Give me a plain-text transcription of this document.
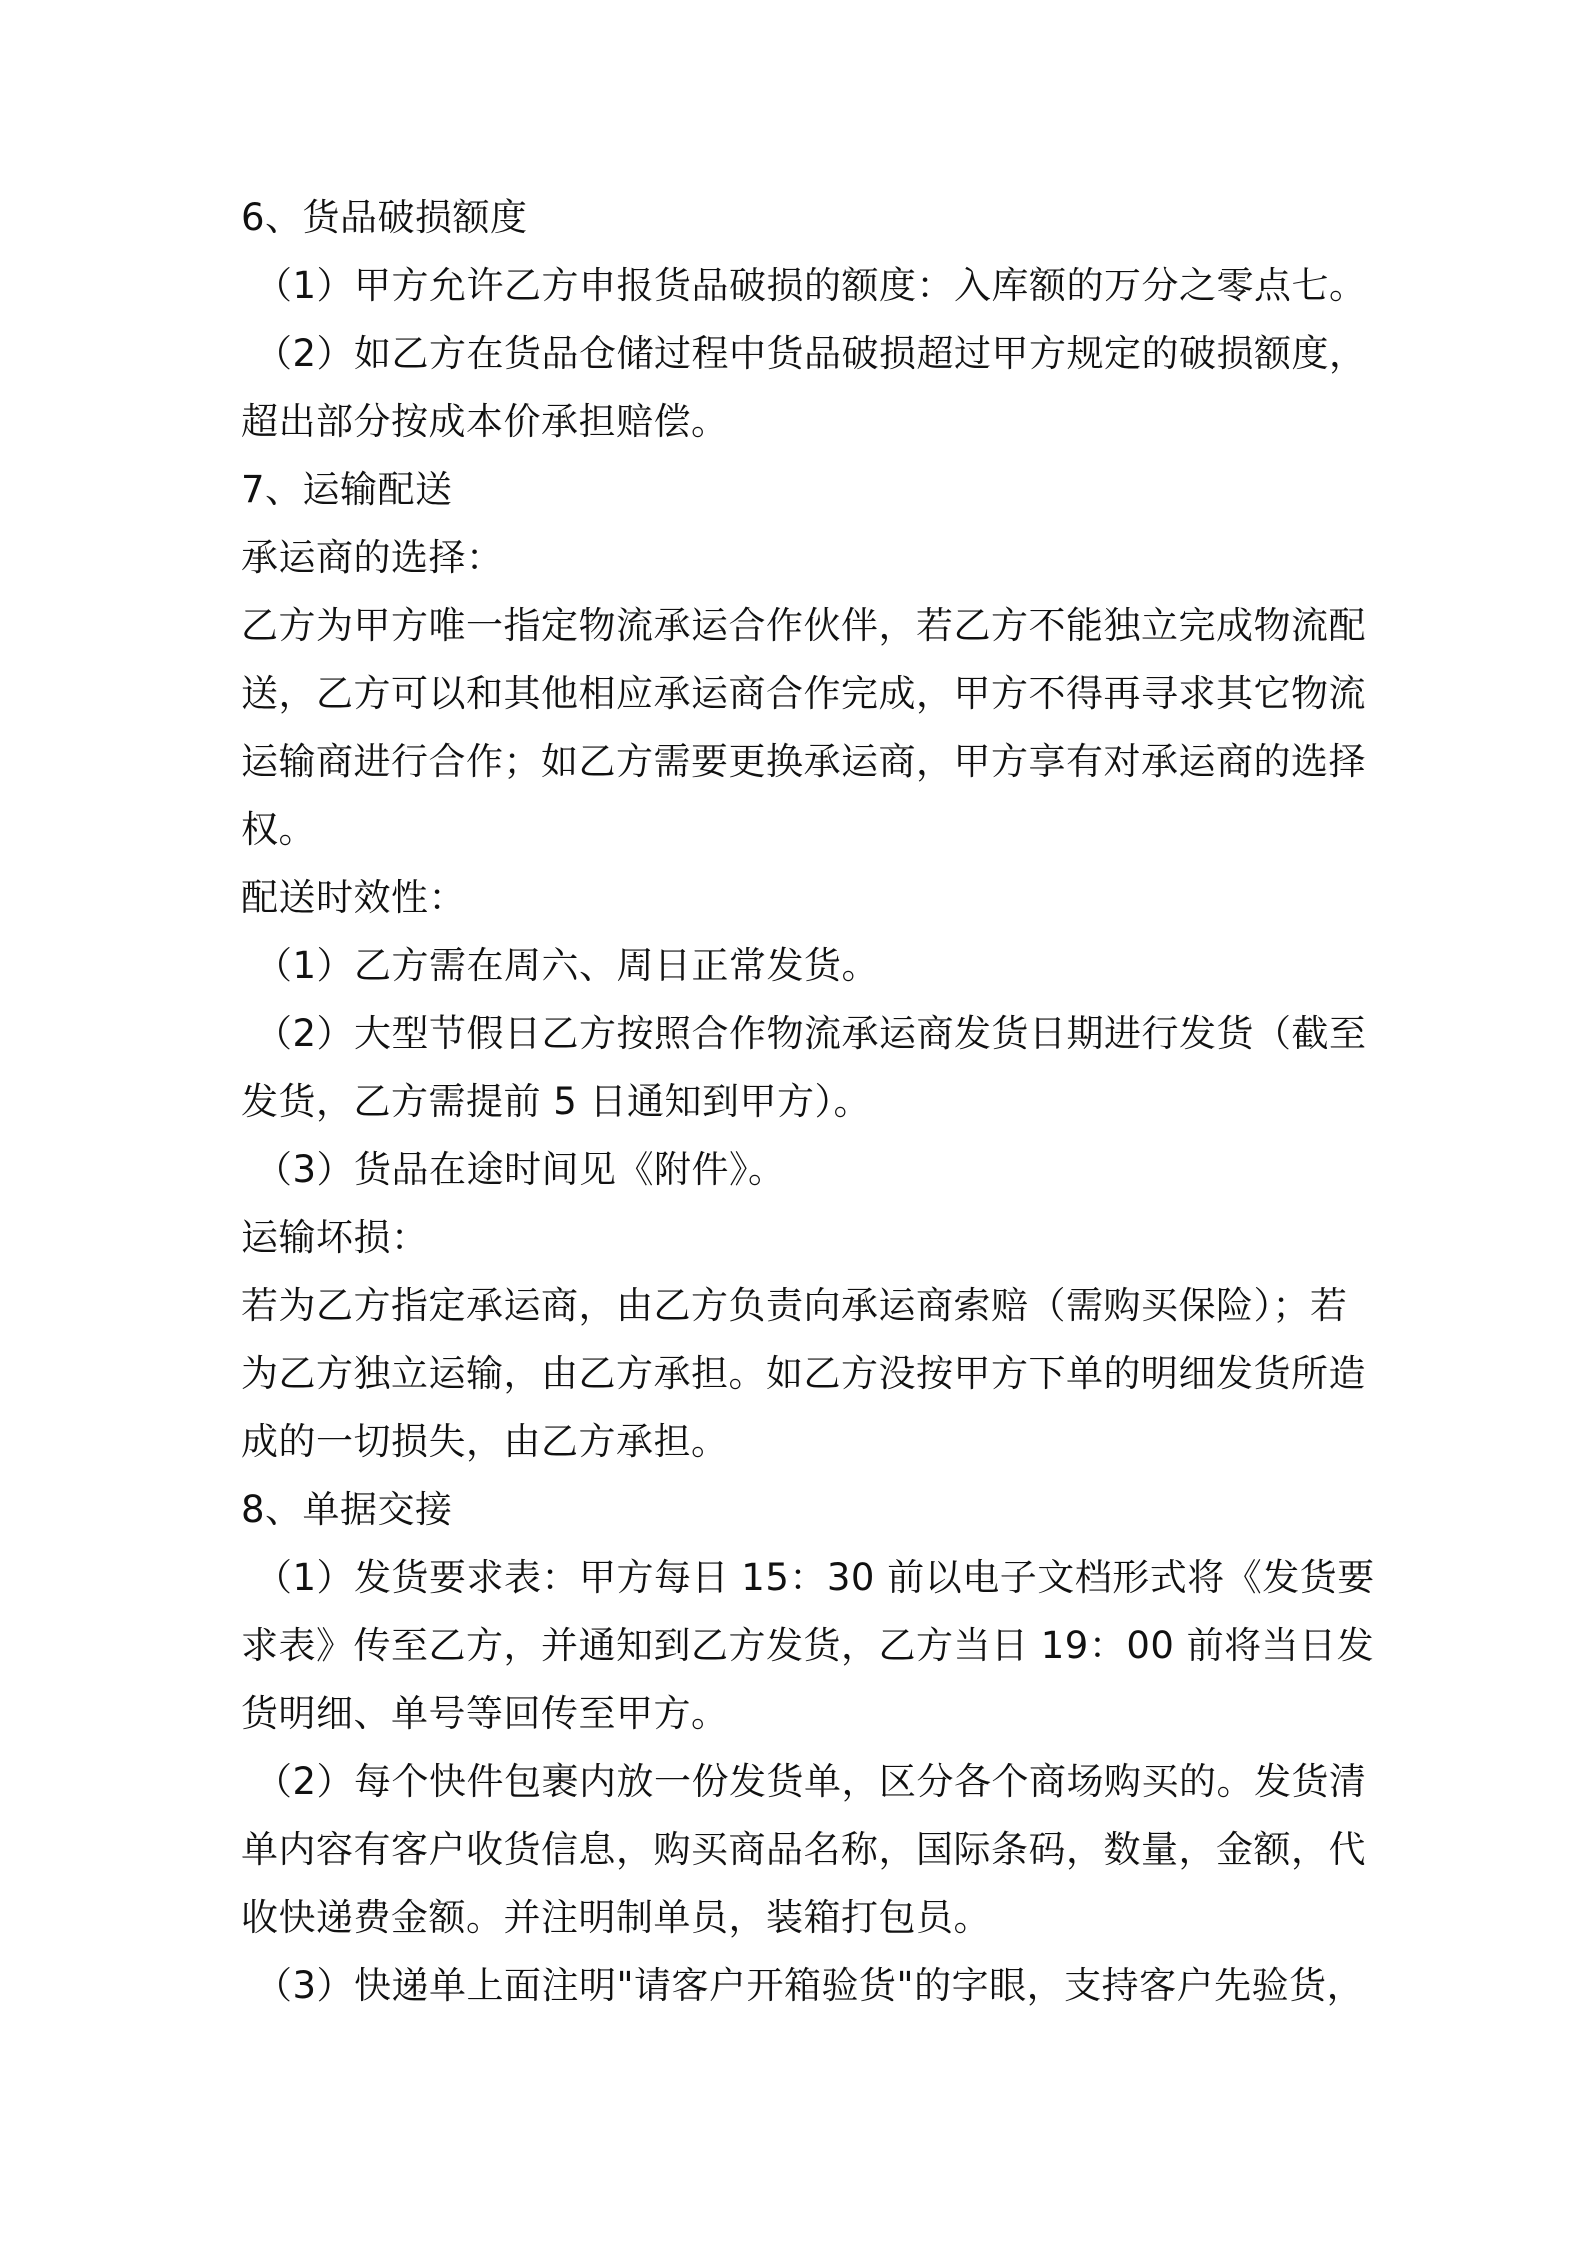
6、货品破损额度

（1）甲方允许乙方申报货品破损的额度：入库额的万分之零点七。

（2）如乙方在货品仓储过程中货品破损超过甲方规定的破损额度，

超出部分按成本价承担赔偿。

7、运输配送

承运商的选择：

乙方为甲方唯一指定物流承运合作伙伴，若乙方不能独立完成物流配

送，乙方可以和其他相应承运商合作完成，甲方不得再寻求其它物流

运输商进行合作；如乙方需要更换承运商，甲方享有对承运商的选择

权。

配送时效性：

（1）乙方需在周六、周日正常发货。

（2）大型节假日乙方按照合作物流承运商发货日期进行发货（截至

发货，乙方需提前 5 日通知到甲方）。

（3）货品在途时间见《附件》。

运输坏损：

若为乙方指定承运商，由乙方负责向承运商索赔（需购买保险）；若

为乙方独立运输，由乙方承担。如乙方没按甲方下单的明细发货所造

成的一切损失，由乙方承担。

8、单据交接

（1）发货要求表：甲方每日 15：30 前以电子文档形式将《发货要

求表》传至乙方，并通知到乙方发货，乙方当日 19：00 前将当日发

货明细、单号等回传至甲方。

（2）每个快件包裹内放一份发货单，区分各个商场购买的。发货清

单内容有客户收货信息，购买商品名称，国际条码，数量，金额，代

收快递费金额。并注明制单员，装箱打包员。

（3）快递单上面注明"请客户开箱验货"的字眼，支持客户先验货，
